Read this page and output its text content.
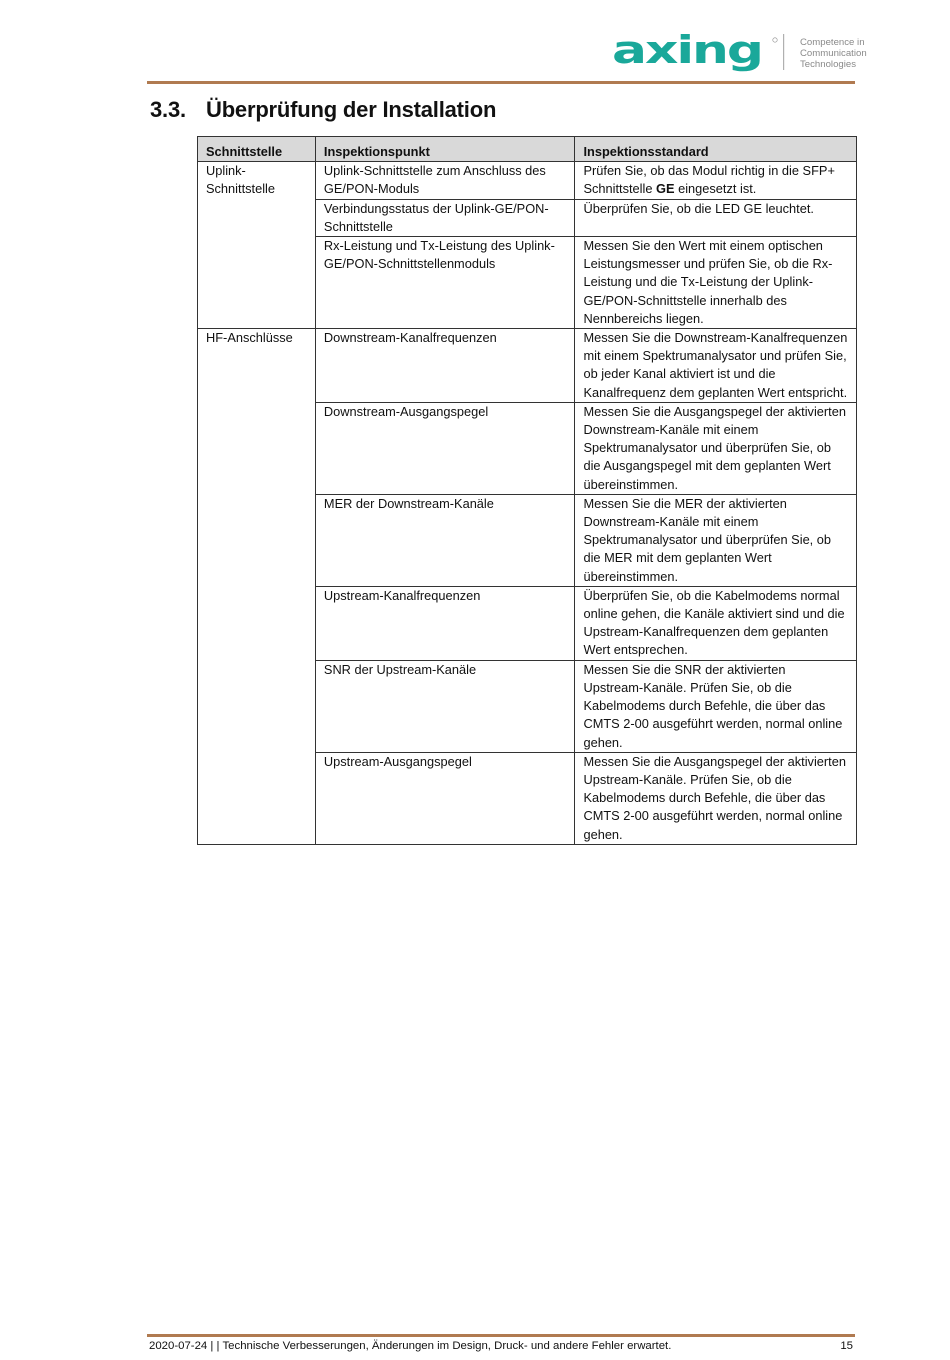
axing	Competence in
Communication
Technologies
3.3. Überprüfung der Installation
Schnittstelle	Inspektionspunkt	Inspektionsstandard
Uplink-Schnittstelle	Uplink-Schnittstelle zum Anschluss des GE/PON-Moduls	Prüfen Sie, ob das Modul richtig in die SFP+ Schnittstelle GE eingesetzt ist.
	Verbindungsstatus der Uplink-GE/PON-Schnittstelle	Überprüfen Sie, ob die LED GE leuchtet.
	Rx-Leistung und Tx-Leistung des Uplink-GE/PON-Schnittstellenmoduls	Messen Sie den Wert mit einem optischen Leistungsmesser und prüfen Sie, ob die Rx-Leistung und die Tx-Leistung der Uplink-GE/PON-Schnittstelle innerhalb des Nennbereichs liegen.
HF-Anschlüsse	Downstream-Kanalfrequenzen	Messen Sie die Downstream-Kanalfrequenzen mit einem Spektrumanalysator und prüfen Sie, ob jeder Kanal aktiviert ist und die Kanalfrequenz dem geplanten Wert entspricht.
	Downstream-Ausgangspegel	Messen Sie die Ausgangspegel der aktivierten Downstream-Kanäle mit einem Spektrumanalysator und überprüfen Sie, ob die Ausgangspegel mit dem geplanten Wert übereinstimmen.
	MER der Downstream-Kanäle	Messen Sie die MER der aktivierten Downstream-Kanäle mit einem Spektrumanalysator und überprüfen Sie, ob die MER mit dem geplanten Wert übereinstimmen.
	Upstream-Kanalfrequenzen	Überprüfen Sie, ob die Kabelmodems normal online gehen, die Kanäle aktiviert sind und die Upstream-Kanalfrequenzen dem geplanten Wert entsprechen.
	SNR der Upstream-Kanäle	Messen Sie die SNR der aktivierten Upstream-Kanäle. Prüfen Sie, ob die Kabelmodems durch Befehle, die über das CMTS 2-00 ausgeführt werden, normal online gehen.
	Upstream-Ausgangspegel	Messen Sie die Ausgangspegel der aktivierten Upstream-Kanäle. Prüfen Sie, ob die Kabelmodems durch Befehle, die über das CMTS 2-00 ausgeführt werden, normal online gehen.
2020-07-24 | | Technische Verbesserungen, Änderungen im Design, Druck- und andere Fehler erwartet.	15
